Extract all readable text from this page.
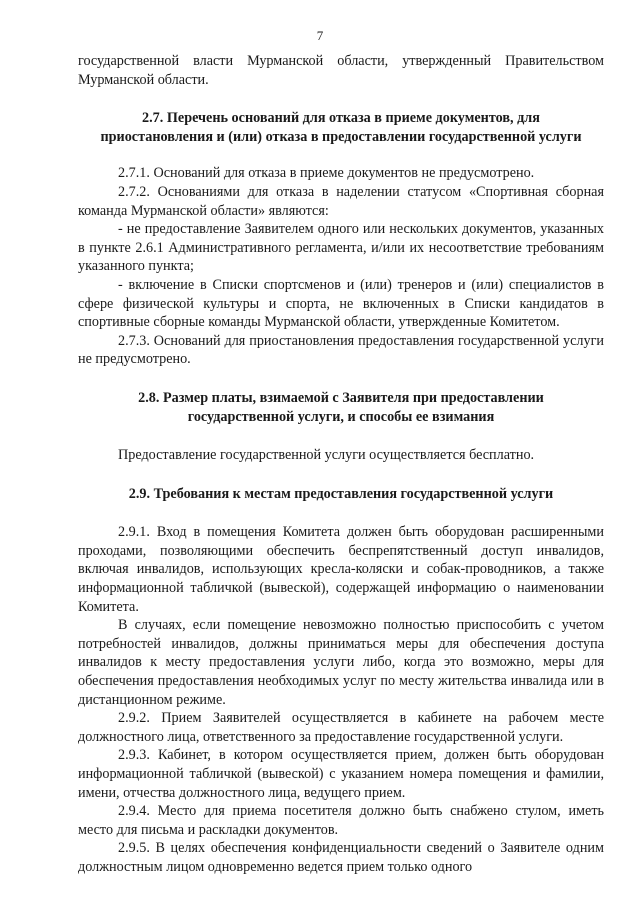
7

государственной власти Мурманской области, утвержденный Правительством Мурманской области.

2.7. Перечень оснований для отказа в приеме документов, для

приостановления и (или) отказа в предоставлении государственной услуги

2.7.1. Оснований для отказа в приеме документов не предусмотрено.

2.7.2. Основаниями для отказа в наделении статусом «Спортивная сборная команда Мурманской области» являются:

- не предоставление Заявителем одного или нескольких документов, указанных в пункте 2.6.1 Административного регламента, и/или их несоответствие требованиям указанного пункта;

- включение в Списки спортсменов и (или) тренеров и (или) специалистов в сфере физической культуры и спорта, не включенных в Списки кандидатов в спортивные сборные команды Мурманской области, утвержденные Комитетом.

2.7.3. Оснований для приостановления предоставления государственной услуги не предусмотрено.

2.8. Размер платы, взимаемой с Заявителя при предоставлении

государственной услуги, и способы ее взимания

Предоставление государственной услуги осуществляется бесплатно.

2.9. Требования к местам предоставления государственной услуги

2.9.1. Вход в помещения Комитета должен быть оборудован расширенными проходами, позволяющими обеспечить беспрепятственный доступ инвалидов, включая инвалидов, использующих кресла-коляски и собак-проводников, а также информационной табличкой (вывеской), содержащей информацию о наименовании Комитета.

В случаях, если помещение невозможно полностью приспособить с учетом потребностей инвалидов, должны приниматься меры для обеспечения доступа инвалидов к месту предоставления услуги либо, когда это возможно, меры для обеспечения предоставления необходимых услуг по месту жительства инвалида или в дистанционном режиме.

2.9.2. Прием Заявителей осуществляется в кабинете на рабочем месте должностного лица, ответственного за предоставление государственной услуги.

2.9.3. Кабинет, в котором осуществляется прием, должен быть оборудован информационной табличкой (вывеской) с указанием номера помещения и фамилии, имени, отчества должностного лица, ведущего прием.

2.9.4. Место для приема посетителя должно быть снабжено стулом, иметь место для письма и раскладки документов.

2.9.5. В целях обеспечения конфиденциальности сведений о Заявителе одним должностным лицом одновременно ведется прием только одного
